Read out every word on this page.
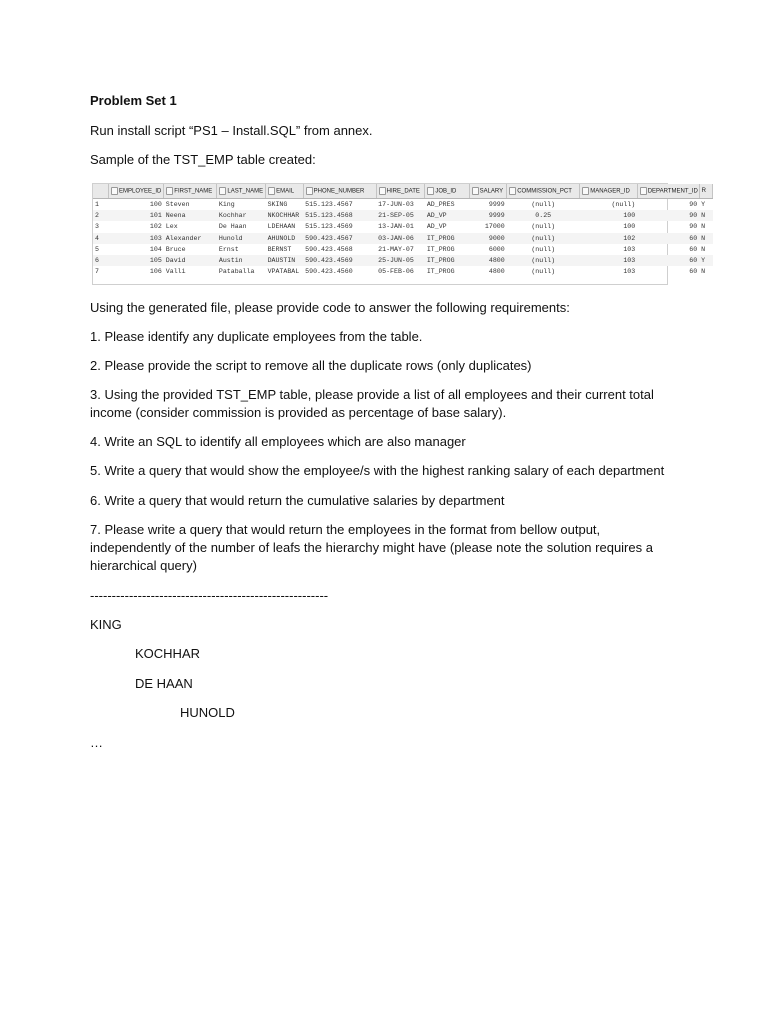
Problem Set 1
Run install script “PS1 – Install.SQL” from annex.
Sample of the TST_EMP table created:
	EMPLOYEE_ID	FIRST_NAME	LAST_NAME	EMAIL	PHONE_NUMBER	HIRE_DATE	JOB_ID	SALARY	COMMISSION_PCT	MANAGER_ID	DEPARTMENT_ID	R
1	100	Steven	King	SKING	515.123.4567	17-JUN-03	AD_PRES	9999	(null)	(null)	90	Y
2	101	Neena	Kochhar	NKOCHHAR	515.123.4568	21-SEP-05	AD_VP	9999	0.25	100	90	N
3	102	Lex	De Haan	LDEHAAN	515.123.4569	13-JAN-01	AD_VP	17000	(null)	100	90	N
4	103	Alexander	Hunold	AHUNOLD	590.423.4567	03-JAN-06	IT_PROG	9000	(null)	102	60	N
5	104	Bruce	Ernst	BERNST	590.423.4568	21-MAY-07	IT_PROG	6000	(null)	103	60	N
6	105	David	Austin	DAUSTIN	590.423.4569	25-JUN-05	IT_PROG	4800	(null)	103	60	Y
7	106	Valli	Pataballa	VPATABAL	590.423.4560	05-FEB-06	IT_PROG	4800	(null)	103	60	N
Using the generated file, please provide code to answer the following requirements:
1. Please identify any duplicate employees from the table.
2. Please provide the script to remove all the duplicate rows (only duplicates)
3. Using the provided TST_EMP table, please provide a list of all employees and their current total income (consider commission is provided as percentage of base salary).
4. Write an SQL to identify all employees which are also manager
5. Write a query that would show the employee/s with the highest ranking salary of each department
6. Write a query that would return the cumulative salaries by department
7. Please write a query that would return the employees in the format from bellow output, independently of the number of leafs the hierarchy might have (please note the solution requires a hierarchical query)
-------------------------------------------------------
KING
KOCHHAR
DE HAAN
HUNOLD
…
